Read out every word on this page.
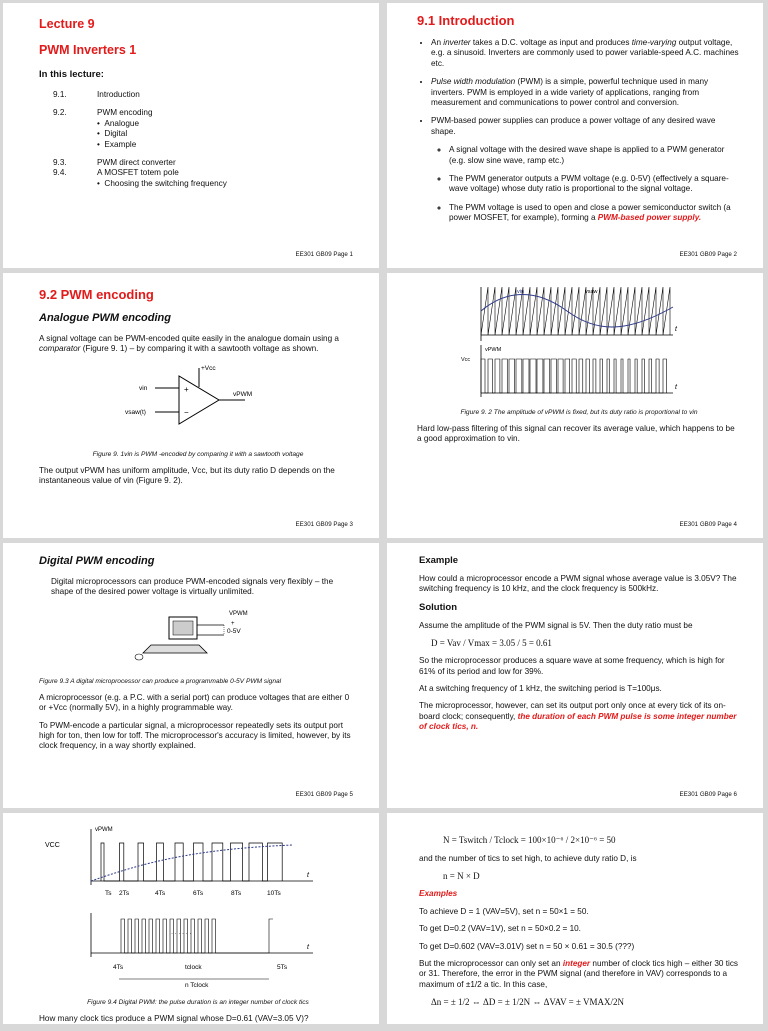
Lecture 9
PWM Inverters 1
In this lecture:
9.1.	Introduction
9.2.	PWM encoding
•  Analogue
•  Digital
•  Example
9.3.	PWM direct converter
9.4.	A MOSFET totem pole
•  Choosing the switching frequency
EE301 GB09 Page 1
9.1 Introduction
• An inverter takes a D.C. voltage as input and produces time-varying output voltage, e.g. a sinusoid. Inverters are commonly used to power variable-speed A.C. machines etc.
• Pulse width modulation (PWM) is a simple, powerful technique used in many inverters. PWM is employed in a wide variety of applications, ranging from measurement and communications to power control and conversion.
• PWM-based power supplies can produce a power voltage of any desired wave shape.
◦ A signal voltage with the desired wave shape is applied to a PWM generator (e.g. slow sine wave, ramp etc.)
◦ The PWM generator outputs a PWM voltage (e.g. 0-5V) (effectively a square-wave voltage) whose duty ratio is proportional to the signal voltage.
◦ The PWM voltage is used to open and close a power semiconductor switch (a power MOSFET, for example), forming a PWM-based power supply.
EE301 GB09 Page 2
9.2 PWM encoding
Analogue PWM encoding

A signal voltage can be PWM-encoded quite easily in the analogue domain using a comparator (Figure 9. 1) – by comparing it with a sawtooth voltage as shown.

+
−
+Vcc
vin
vsaw(t)
vPWM
Figure 9. 1vin is PWM -encoded by comparing it with a sawtooth voltage

The output vPWM has uniform amplitude, Vcc, but its duty ratio D depends on the instantaneous value of vin (Figure 9. 2).

EE301 GB09 Page 3
vin	vsaw
t
vPWM
Vcc
t
Figure 9. 2 The amplitude of vPWM is fixed, but its duty ratio is proportional to vin

Hard low-pass filtering of this signal can recover its average value, which happens to be a good approximation to vin.

EE301 GB09 Page 4
Digital PWM encoding

Digital microprocessors can produce PWM-encoded signals very flexibly – the shape of the desired power voltage is virtually unlimited.

VPWM
+
0-5V
Figure 9.3 A digital microprocessor can produce a programmable 0-5V PWM signal

A microprocessor (e.g. a P.C. with a serial port) can produce voltages that are either 0 or +Vcc (normally 5V), in a highly programmable way.

To PWM-encode a particular signal, a microprocessor repeatedly sets its output port high for ton, then low for toff. The microprocessor's accuracy is limited, however, by its clock frequency, in a way shortly explained.

EE301 GB09 Page 5
Example

How could a microprocessor encode a PWM signal whose average value is 3.05V? The switching frequency is 10 kHz, and the clock frequency is 500kHz.

Solution

Assume the amplitude of the PWM signal is 5V. Then the duty ratio must be

D = Vav / Vmax = 3.05 / 5 = 0.61

So the microprocessor produces a square wave at some frequency, which is high for 61% of its period and low for 39%.

At a switching frequency of 1 kHz, the switching period is T=100μs.

The microprocessor, however, can set its output port only once at every tick of its on-board clock; consequently, the duration of each PWM pulse is some integer number of clock tics, n.

EE301 GB09 Page 6
vPWM
VCC
t
Ts 2Ts	4Ts	6Ts	8Ts	10Ts
· · · · · ·
t
4Ts	tclock	5Ts
n Tclock
Figure 9.4 Digital PWM: the pulse duration is an integer number of clock tics

How many clock tics produce a PWM signal whose D=0.61 (VAV=3.05 V)?

N = Tswitch / Tclock = 100×10⁻⁶ / 2×10⁻⁶ = 50

and the number of tics to set high, to achieve duty ratio D, is

n = N × D

Examples

To achieve D = 1 (VAV=5V), set n = 50×1 = 50.

To get D=0.2 (VAV=1V), set n = 50×0.2 = 10.

To get D=0.602 (VAV=3.01V) set n = 50 × 0.61 = 30.5 (???)

But the microprocessor can only set an integer number of clock tics high – either 30 tics or 31. Therefore, the error in the PWM signal (and therefore in VAV) corresponds to a maximum of ±1/2 a tic. In this case,

Δn = ± 1/2 ⇔ ΔD = ± 1/2N ⇔ ΔVAV = ± VMAX/2N
